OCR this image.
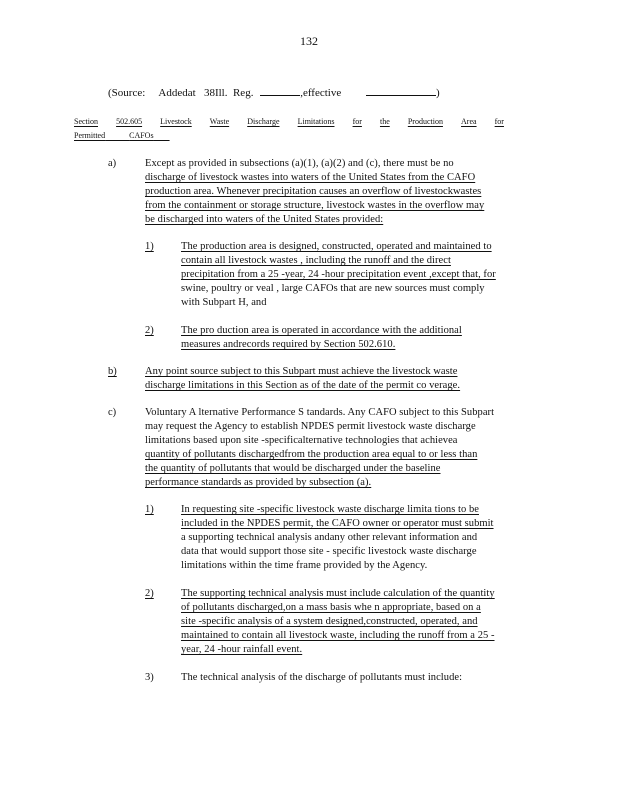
132
(Source: Addedat 38Ill. Reg.	,effective	)
Section 502.605 Livestock Waste Discharge Limitations for the Production Area for
Permitted	CAFOs
a)	Except as provided in subsections (a)(1), (a)(2) and (c), there must be no
discharge of livestock wastes into waters of the United States from the CAFO
production area. Whenever precipitation causes an overflow of livestockwastes
from the containment or storage structure, livestock wastes in the overflow may
be discharged into waters of the United States provided:
1)	The production area is designed, constructed, operated and maintained to
contain all livestock wastes , including the runoff and the direct
precipitation from a 25 -year, 24 -hour precipitation event ,except that, for
swine, poultry or veal , large CAFOs that are new sources must comply
with Subpart H, and
2)	The pro duction area is operated in accordance with the additional
measures andrecords required by Section 502.610.
b)	Any point source subject to this Subpart must achieve the livestock waste
discharge limitations in this Section as of the date of the permit co verage.
c)	Voluntary A lternative Performance S tandards. Any CAFO subject to this Subpart
may request the Agency to establish NPDES permit livestock waste discharge
limitations based upon site -specificalternative technologies that achievea
quantity of pollutants dischargedfrom the production area equal to or less than
the quantity of pollutants that would be discharged under the baseline
performance standards as provided by subsection (a).
1)	In requesting site -specific livestock waste discharge limita tions to be
included in the NPDES permit, the CAFO owner or operator must submit
a supporting technical analysis andany other relevant information and
data that would support those site - specific livestock waste discharge
limitations within the time frame provided by the Agency.
2)	The supporting technical analysis must include calculation of the quantity
of pollutants discharged,on a mass basis whe n appropriate, based on a
site -specific analysis of a system designed,constructed, operated, and
maintained to contain all livestock waste, including the runoff from a 25 -
year, 24 -hour rainfall event.
3)	The technical analysis of the discharge of pollutants must include:
